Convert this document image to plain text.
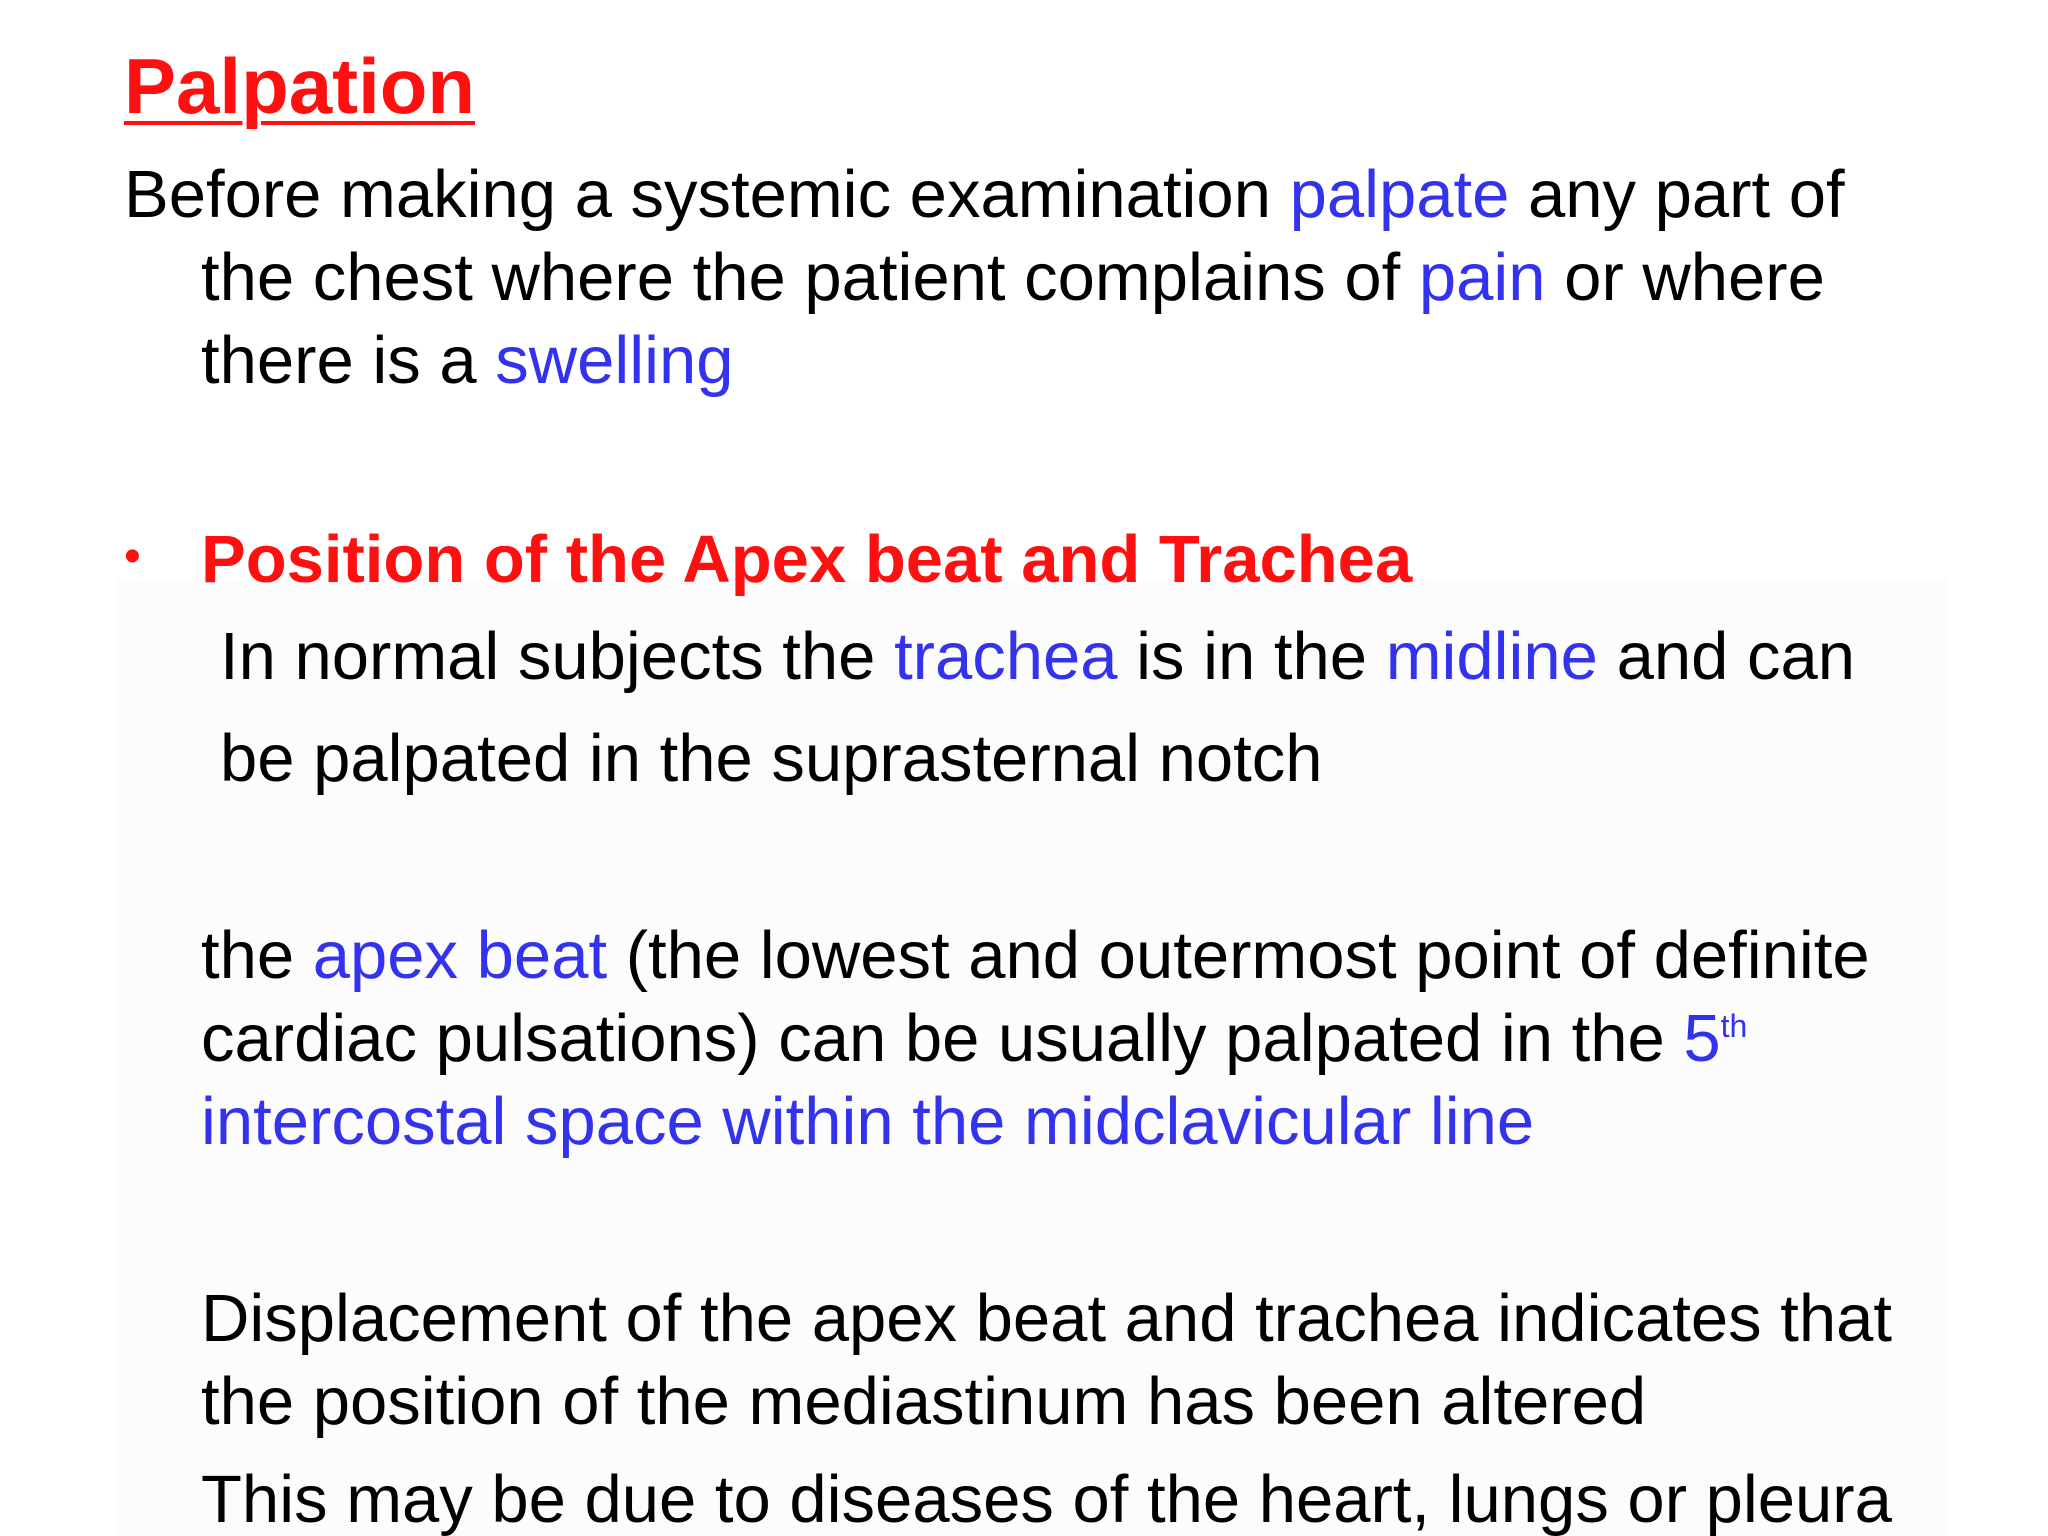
Palpation

Before making a systemic examination palpate any part of

the chest where the patient complains of pain or where

there is a swelling

• Position of the Apex beat and Trachea

In normal subjects the trachea is in the midline and can

be palpated in the suprasternal notch

the apex beat (the lowest and outermost point of definite

cardiac pulsations) can be usually palpated in the 5th

intercostal space within the midclavicular line

Displacement of the apex beat and trachea indicates that

the position of the mediastinum has been altered

This may be due to diseases of the heart, lungs or pleura
